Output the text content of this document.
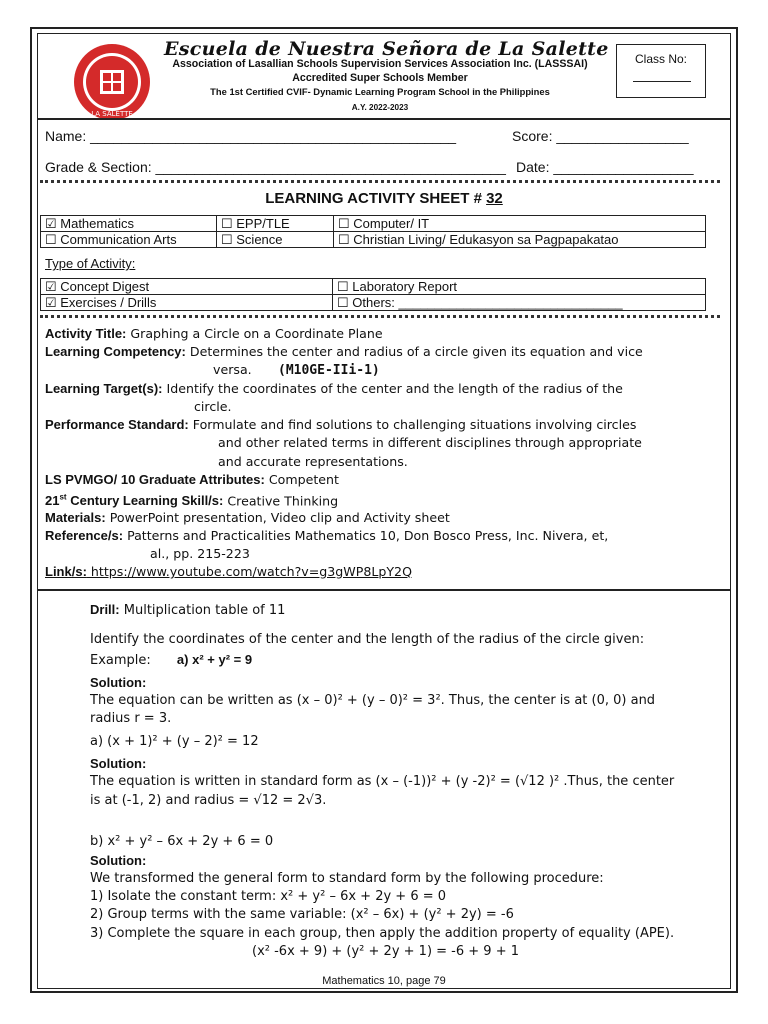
LA SALETTE
Escuela de Nuestra Señora de La Salette
Association of Lasallian Schools Supervision Services Association Inc. (LASSSAI)
Accredited Super Schools Member
The 1st Certified CVIF- Dynamic Learning Program School in the Philippines
A.Y. 2022-2023
Class No:
Name: _______________________________________________	Score: _________________
Grade & Section: _____________________________________________ Date: __________________
LEARNING ACTIVITY SHEET # 32
☑ Mathematics	☐ EPP/TLE	☐ Computer/ IT
☐ Communication Arts	☐ Science	☐ Christian Living/ Edukasyon sa Pagpapakatao
Type of Activity:
☑ Concept Digest	☐ Laboratory Report
☑ Exercises / Drills	☐ Others: _______________________________
Activity Title: Graphing a Circle on a Coordinate Plane
Learning Competency: Determines the center and radius of a circle given its equation and vice
versa. (M10GE-IIi-1)
Learning Target(s): Identify the coordinates of the center and the length of the radius of the
circle.
Performance Standard: Formulate and find solutions to challenging situations involving circles
and other related terms in different disciplines through appropriate
and accurate representations.
LS PVMGO/ 10 Graduate Attributes: Competent
21st Century Learning Skill/s: Creative Thinking
Materials: PowerPoint presentation, Video clip and Activity sheet
Reference/s: Patterns and Practicalities Mathematics 10, Don Bosco Press, Inc. Nivera, et,
al., pp. 215-223
Link/s: https://www.youtube.com/watch?v=g3gWP8LpY2Q
Drill: Multiplication table of 11
Identify the coordinates of the center and the length of the radius of the circle given:
Example: a) x² + y² = 9
Solution:
The equation can be written as (x – 0)² + (y – 0)² = 3². Thus, the center is at (0, 0) and
radius r = 3.
a) (x + 1)² + (y – 2)² = 12
Solution:
The equation is written in standard form as (x – (-1))² + (y -2)² = (√12 )² .Thus, the center
is at (-1, 2) and radius = √12 = 2√3.
b) x² + y² – 6x + 2y + 6 = 0
Solution:
We transformed the general form to standard form by the following procedure:
1) Isolate the constant term: x² + y² – 6x + 2y + 6 = 0
2) Group terms with the same variable: (x² – 6x) + (y² + 2y) = -6
3) Complete the square in each group, then apply the addition property of equality (APE).
(x² -6x + 9) + (y² + 2y + 1) = -6 + 9 + 1
Mathematics 10, page 79
